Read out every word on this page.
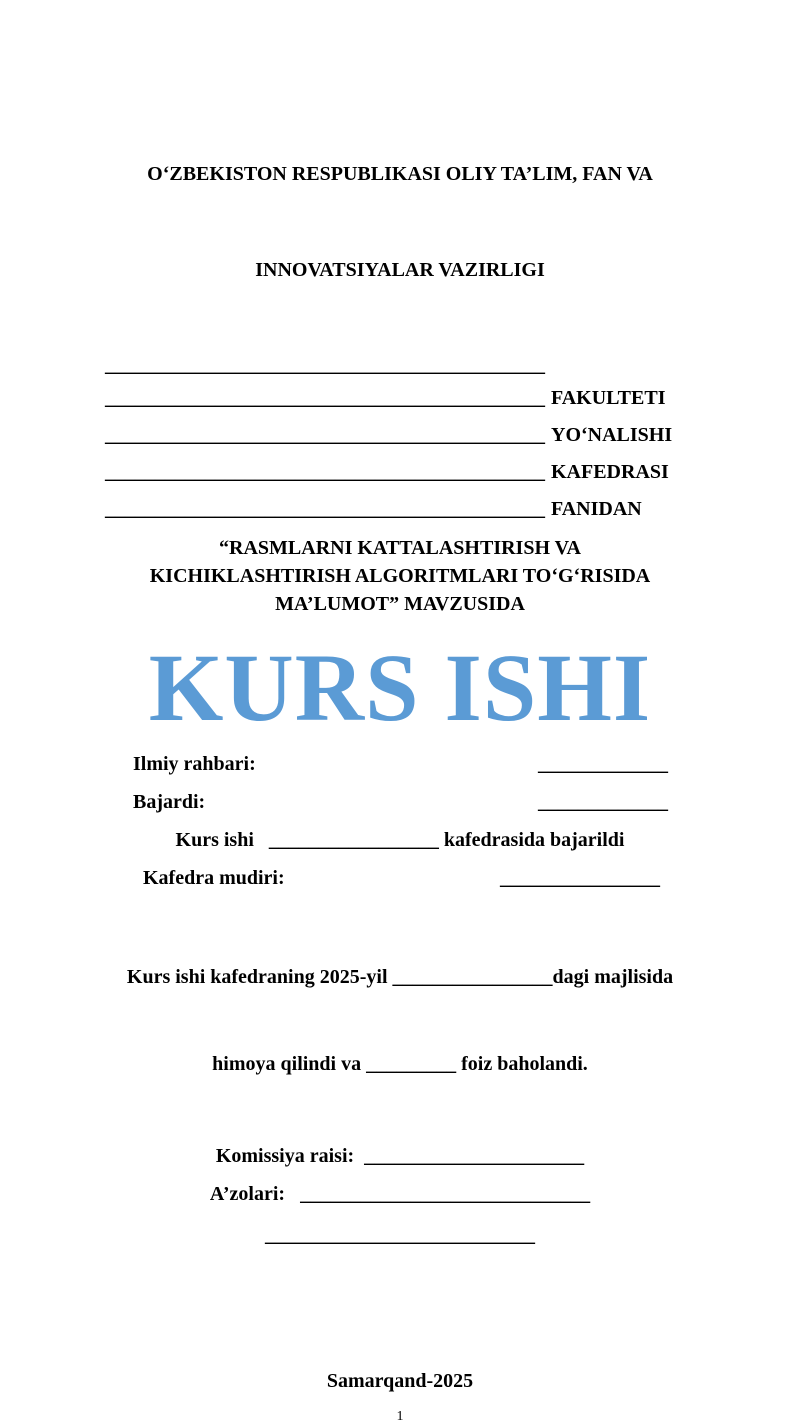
OʻZBEKISTON RESPUBLIKASI OLIY TA’LIM, FAN VA

INNOVATSIYALAR VAZIRLIGI

____________________________________________
____________________________________________ FAKULTETI
____________________________________________ YOʻNALISHI
____________________________________________ KAFEDRASI
____________________________________________ FANIDAN
“RASMLARNI KATTALASHTIRISH VA
KICHIKLASHTIRISH ALGORITMLARI TOʻGʻRISIDA
MA’LUMOT” MAVZUSIDA
KURS ISHI
Ilmiy rahbari:	_____________
Bajardi:	_____________
Kurs ishi   _________________ kafedrasida bajarildi
Kafedra mudiri:	________________

Kurs ishi kafedraning 2025-yil ________________dagi majlisida

himoya qilindi va _________ foiz baholandi.

Komissiya raisi:  ______________________
A’zolari:   _____________________________
___________________________
Samarqand-2025
1
